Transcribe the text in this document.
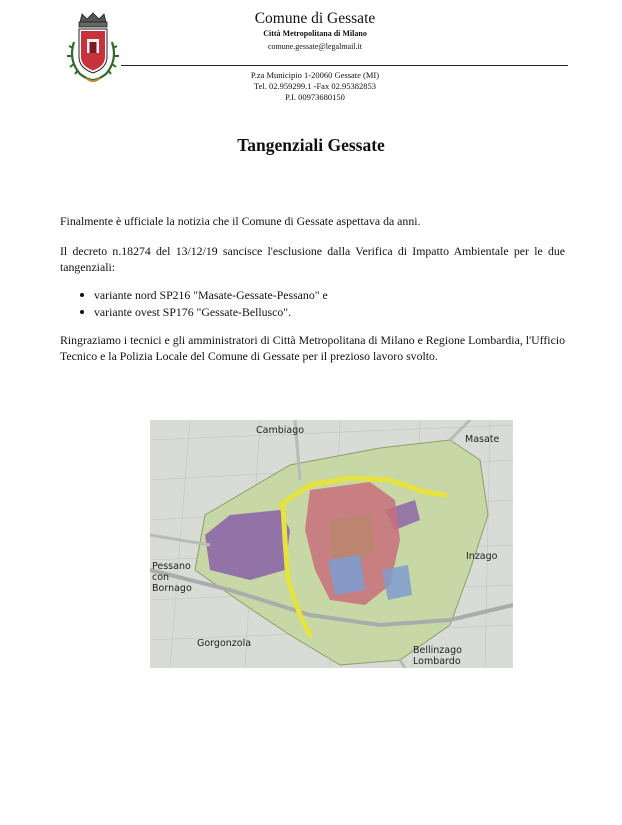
Comune di Gessate
Città Metropolitana di Milano
comune.gessate@legalmail.it
P.za Municipio 1-20060 Gessate (MI)
Tel. 02.959299.1 -Fax 02.95382853
P.I. 00973680150
Tangenziali Gessate
Finalmente è ufficiale la notizia che il Comune di Gessate aspettava da anni.
Il decreto n.18274 del 13/12/19 sancisce l'esclusione dalla Verifica di Impatto Ambientale per le due tangenziali:
variante nord SP216 "Masate-Gessate-Pessano" e
variante ovest SP176 "Gessate-Bellusco".
Ringraziamo i tecnici e gli amministratori di Città Metropolitana di Milano e Regione Lombardia, l'Ufficio Tecnico e la Polizia Locale del Comune di Gessate per il prezioso lavoro svolto.
Cambiago
Masate
Pessano con Bornago
Inzago
Gorgonzola
Bellinzago Lombardo
